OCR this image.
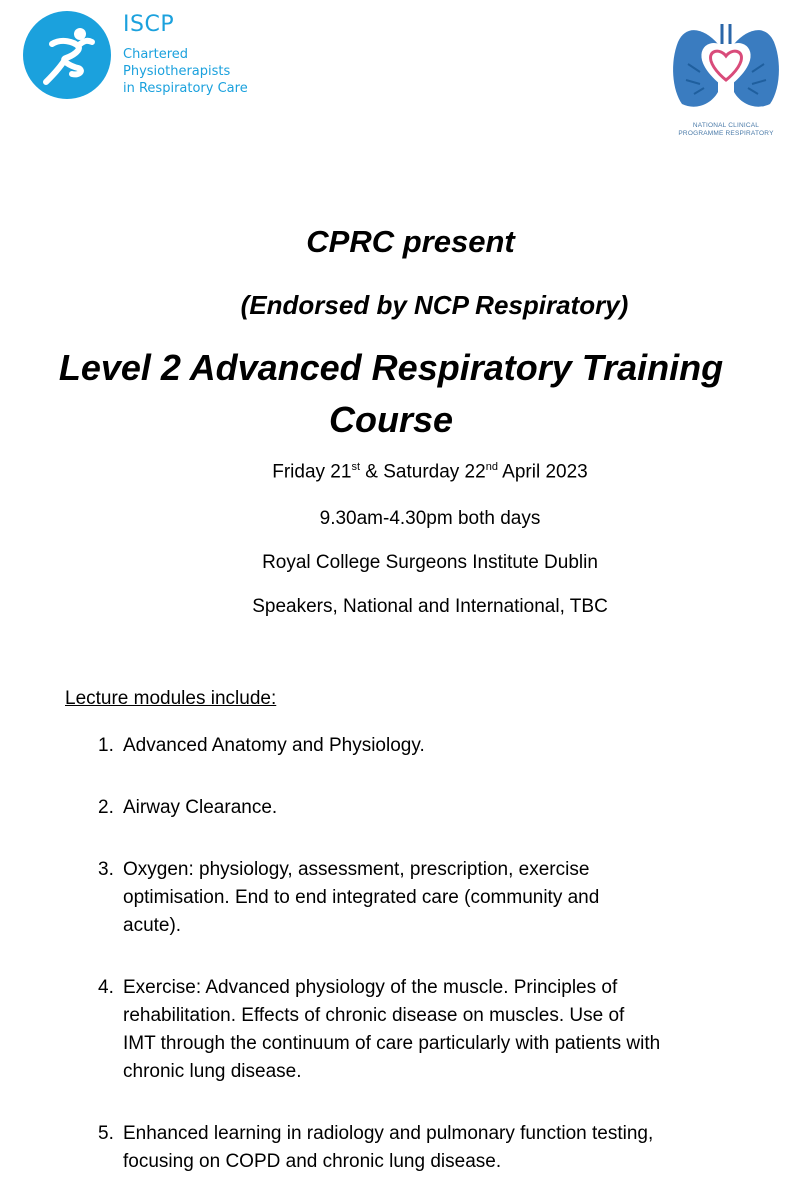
ISCP
Chartered
Physiotherapists
in Respiratory Care
NATIONAL CLINICAL
PROGRAMME RESPIRATORY
CPRC present
(Endorsed by NCP Respiratory)
Level 2 Advanced Respiratory Training
Course

Friday 21st & Saturday 22nd April 2023

9.30am-4.30pm both days

Royal College Surgeons Institute Dublin

Speakers, National and International, TBC

Lecture modules include:

1. Advanced Anatomy and Physiology.
2. Airway Clearance.
3. Oxygen: physiology, assessment, prescription, exercise
optimisation. End to end integrated care (community and
acute).
4. Exercise: Advanced physiology of the muscle. Principles of
rehabilitation. Effects of chronic disease on muscles. Use of
IMT through the continuum of care particularly with patients with
chronic lung disease.
5. Enhanced learning in radiology and pulmonary function testing,
focusing on COPD and chronic lung disease.
